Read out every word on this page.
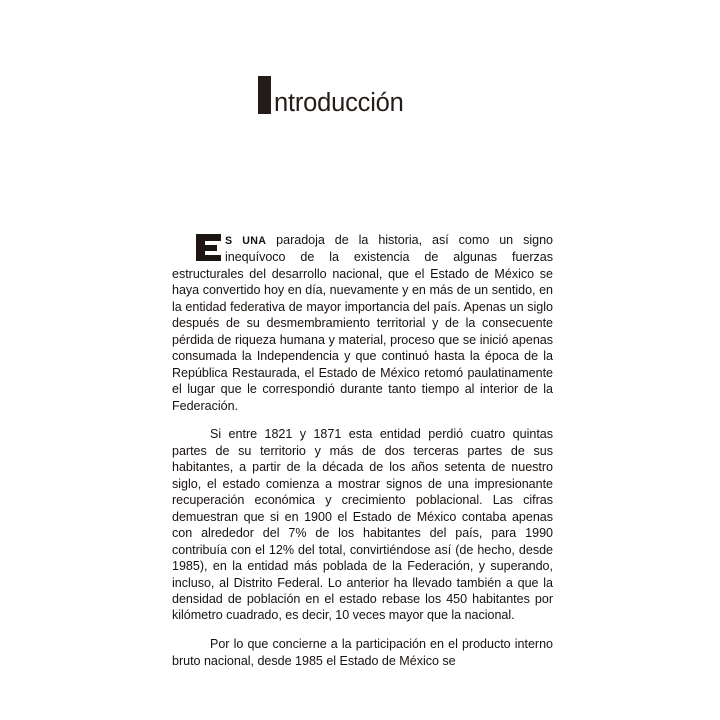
ntroducción

S UNA paradoja de la historia, así como un signo inequívoco de la existencia de algunas fuerzas estructurales del desarrollo nacional, que el Estado de México se haya convertido hoy en día, nuevamente y en más de un sentido, en la entidad federativa de mayor importancia del país. Apenas un siglo después de su desmembramiento territorial y de la consecuente pérdida de riqueza humana y material, proceso que se inició apenas consumada la Independencia y que continuó hasta la época de la República Restaurada, el Estado de México retomó paulatinamente el lugar que le correspondió durante tanto tiempo al interior de la Federación.

Si entre 1821 y 1871 esta entidad perdió cuatro quintas partes de su territorio y más de dos terceras partes de sus habitantes, a partir de la década de los años setenta de nuestro siglo, el estado comienza a mostrar signos de una impresionante recuperación económica y crecimiento poblacional. Las cifras demuestran que si en 1900 el Estado de México contaba apenas con alrededor del 7% de los habitantes del país, para 1990 contribuía con el 12% del total, convirtiéndose así (de hecho, desde 1985), en la entidad más poblada de la Federación, y superando, incluso, al Distrito Federal. Lo anterior ha llevado también a que la densidad de población en el estado rebase los 450 habitantes por kilómetro cuadrado, es decir, 10 veces mayor que la nacional.

Por lo que concierne a la participación en el producto interno bruto nacional, desde 1985 el Estado de México se
